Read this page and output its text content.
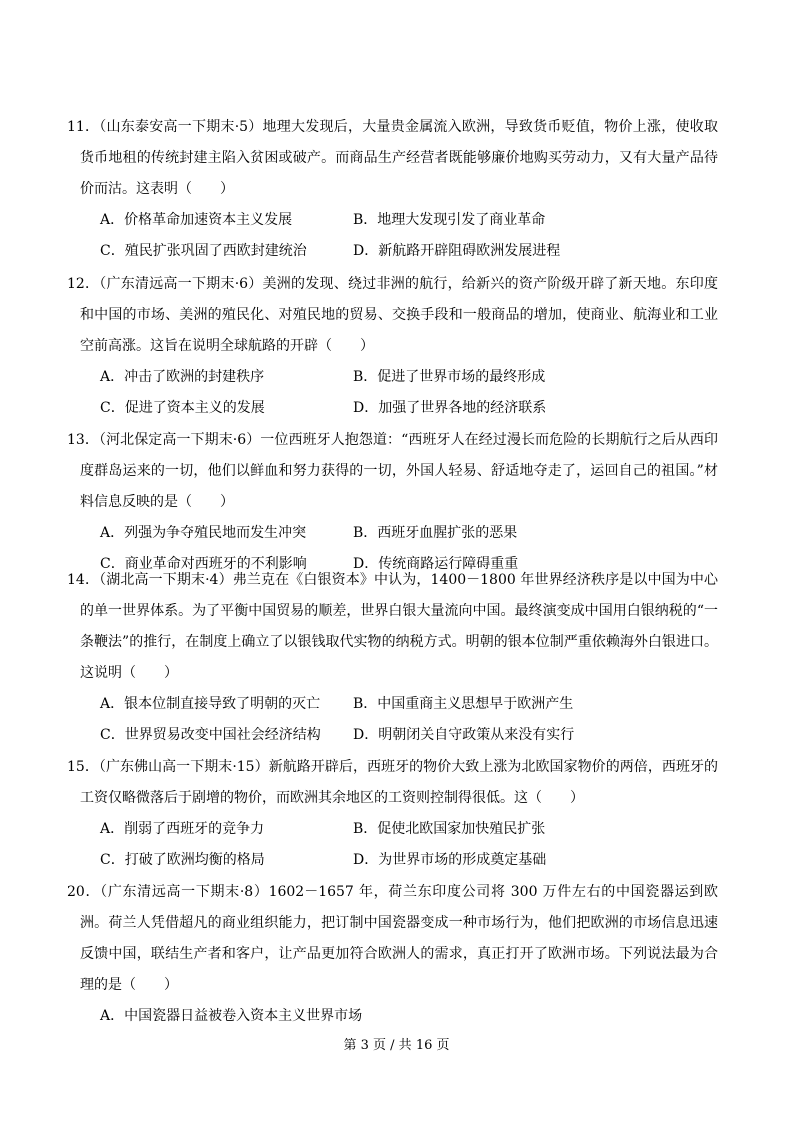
11．（山东泰安高一下期末·5）地理大发现后，大量贵金属流入欧洲，导致货币贬值，物价上涨，使收取货币地租的传统封建主陷入贫困或破产。而商品生产经营者既能够廉价地购买劳动力，又有大量产品待价而沽。这表明（　　）

A．价格革命加速资本主义发展	B．地理大发现引发了商业革命
C．殖民扩张巩固了西欧封建统治	D．新航路开辟阻碍欧洲发展进程

12．（广东清远高一下期末·6）美洲的发现、绕过非洲的航行，给新兴的资产阶级开辟了新天地。东印度和中国的市场、美洲的殖民化、对殖民地的贸易、交换手段和一般商品的增加，使商业、航海业和工业空前高涨。这旨在说明全球航路的开辟（　　）

A．冲击了欧洲的封建秩序	B．促进了世界市场的最终形成
C．促进了资本主义的发展	D．加强了世界各地的经济联系

13．（河北保定高一下期末·6）一位西班牙人抱怨道：“西班牙人在经过漫长而危险的长期航行之后从西印度群岛运来的一切，他们以鲜血和努力获得的一切，外国人轻易、舒适地夺走了，运回自己的祖国。”材料信息反映的是（　　）

A．列强为争夺殖民地而发生冲突	B．西班牙血腥扩张的恶果
C．商业革命对西班牙的不利影响	D．传统商路运行障碍重重

14．（湖北高一下期末·4）弗兰克在《白银资本》中认为，1400－1800 年世界经济秩序是以中国为中心的单一世界体系。为了平衡中国贸易的顺差，世界白银大量流向中国。最终演变成中国用白银纳税的“一条鞭法”的推行，在制度上确立了以银钱取代实物的纳税方式。明朝的银本位制严重依赖海外白银进口。这说明（　　）

A．银本位制直接导致了明朝的灭亡 B．中国重商主义思想早于欧洲产生
C．世界贸易改变中国社会经济结构 D．明朝闭关自守政策从来没有实行

15．（广东佛山高一下期末·15）新航路开辟后，西班牙的物价大致上涨为北欧国家物价的两倍，西班牙的工资仅略微落后于剧增的物价，而欧洲其余地区的工资则控制得很低。这（　　）

A．削弱了西班牙的竞争力	B．促使北欧国家加快殖民扩张
C．打破了欧洲均衡的格局	D．为世界市场的形成奠定基础

20．（广东清远高一下期末·8）1602－1657 年，荷兰东印度公司将 300 万件左右的中国瓷器运到欧洲。荷兰人凭借超凡的商业组织能力，把订制中国瓷器变成一种市场行为，他们把欧洲的市场信息迅速反馈中国，联结生产者和客户，让产品更加符合欧洲人的需求，真正打开了欧洲市场。下列说法最为合理的是（　　）

A．中国瓷器日益被卷入资本主义世界市场
第 3 页 / 共 16 页
